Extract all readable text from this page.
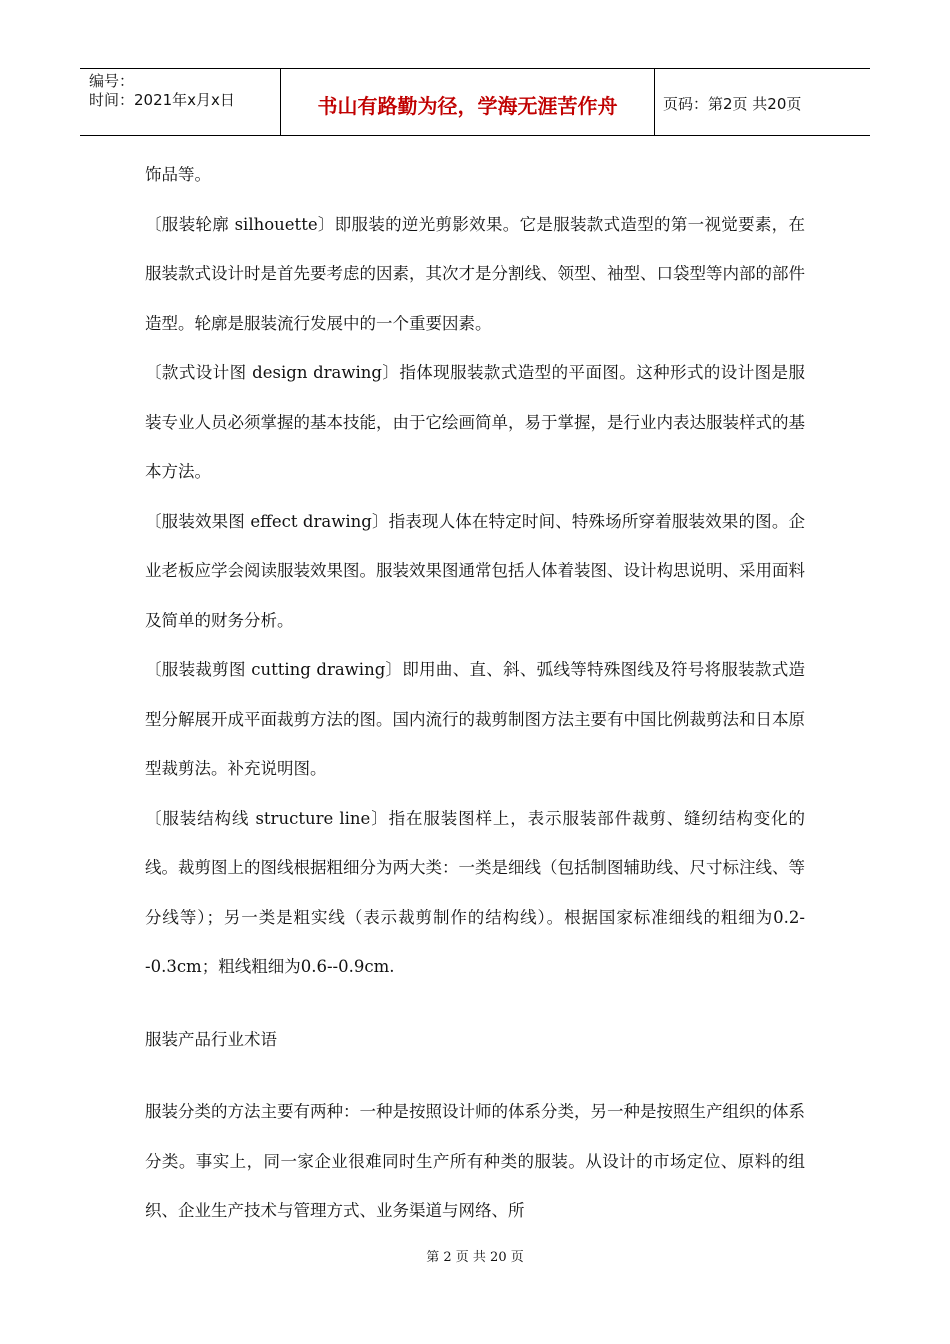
编号：
时间：2021年x月x日	书山有路勤为径，学海无涯苦作舟	页码：第2页 共20页

饰品等。

〔服装轮廓 silhouette〕即服装的逆光剪影效果。它是服装款式造型的第一视觉要素，在服装款式设计时是首先要考虑的因素，其次才是分割线、领型、袖型、口袋型等内部的部件造型。轮廓是服装流行发展中的一个重要因素。

〔款式设计图 design drawing〕指体现服装款式造型的平面图。这种形式的设计图是服装专业人员必须掌握的基本技能，由于它绘画简单，易于掌握，是行业内表达服装样式的基本方法。

〔服装效果图 effect drawing〕指表现人体在特定时间、特殊场所穿着服装效果的图。企业老板应学会阅读服装效果图。服装效果图通常包括人体着装图、设计构思说明、采用面料及简单的财务分析。

〔服装裁剪图 cutting drawing〕即用曲、直、斜、弧线等特殊图线及符号将服装款式造型分解展开成平面裁剪方法的图。国内流行的裁剪制图方法主要有中国比例裁剪法和日本原型裁剪法。补充说明图。

〔服装结构线 structure line〕指在服装图样上，表示服装部件裁剪、缝纫结构变化的线。裁剪图上的图线根据粗细分为两大类：一类是细线（包括制图辅助线、尺寸标注线、等分线等）；另一类是粗实线（表示裁剪制作的结构线）。根据国家标准细线的粗细为0.2--0.3cm；粗线粗细为0.6--0.9cm.

服装产品行业术语

服装分类的方法主要有两种：一种是按照设计师的体系分类，另一种是按照生产组织的体系分类。事实上，同一家企业很难同时生产所有种类的服装。从设计的市场定位、原料的组织、企业生产技术与管理方式、业务渠道与网络、所

第 2 页 共 20 页
